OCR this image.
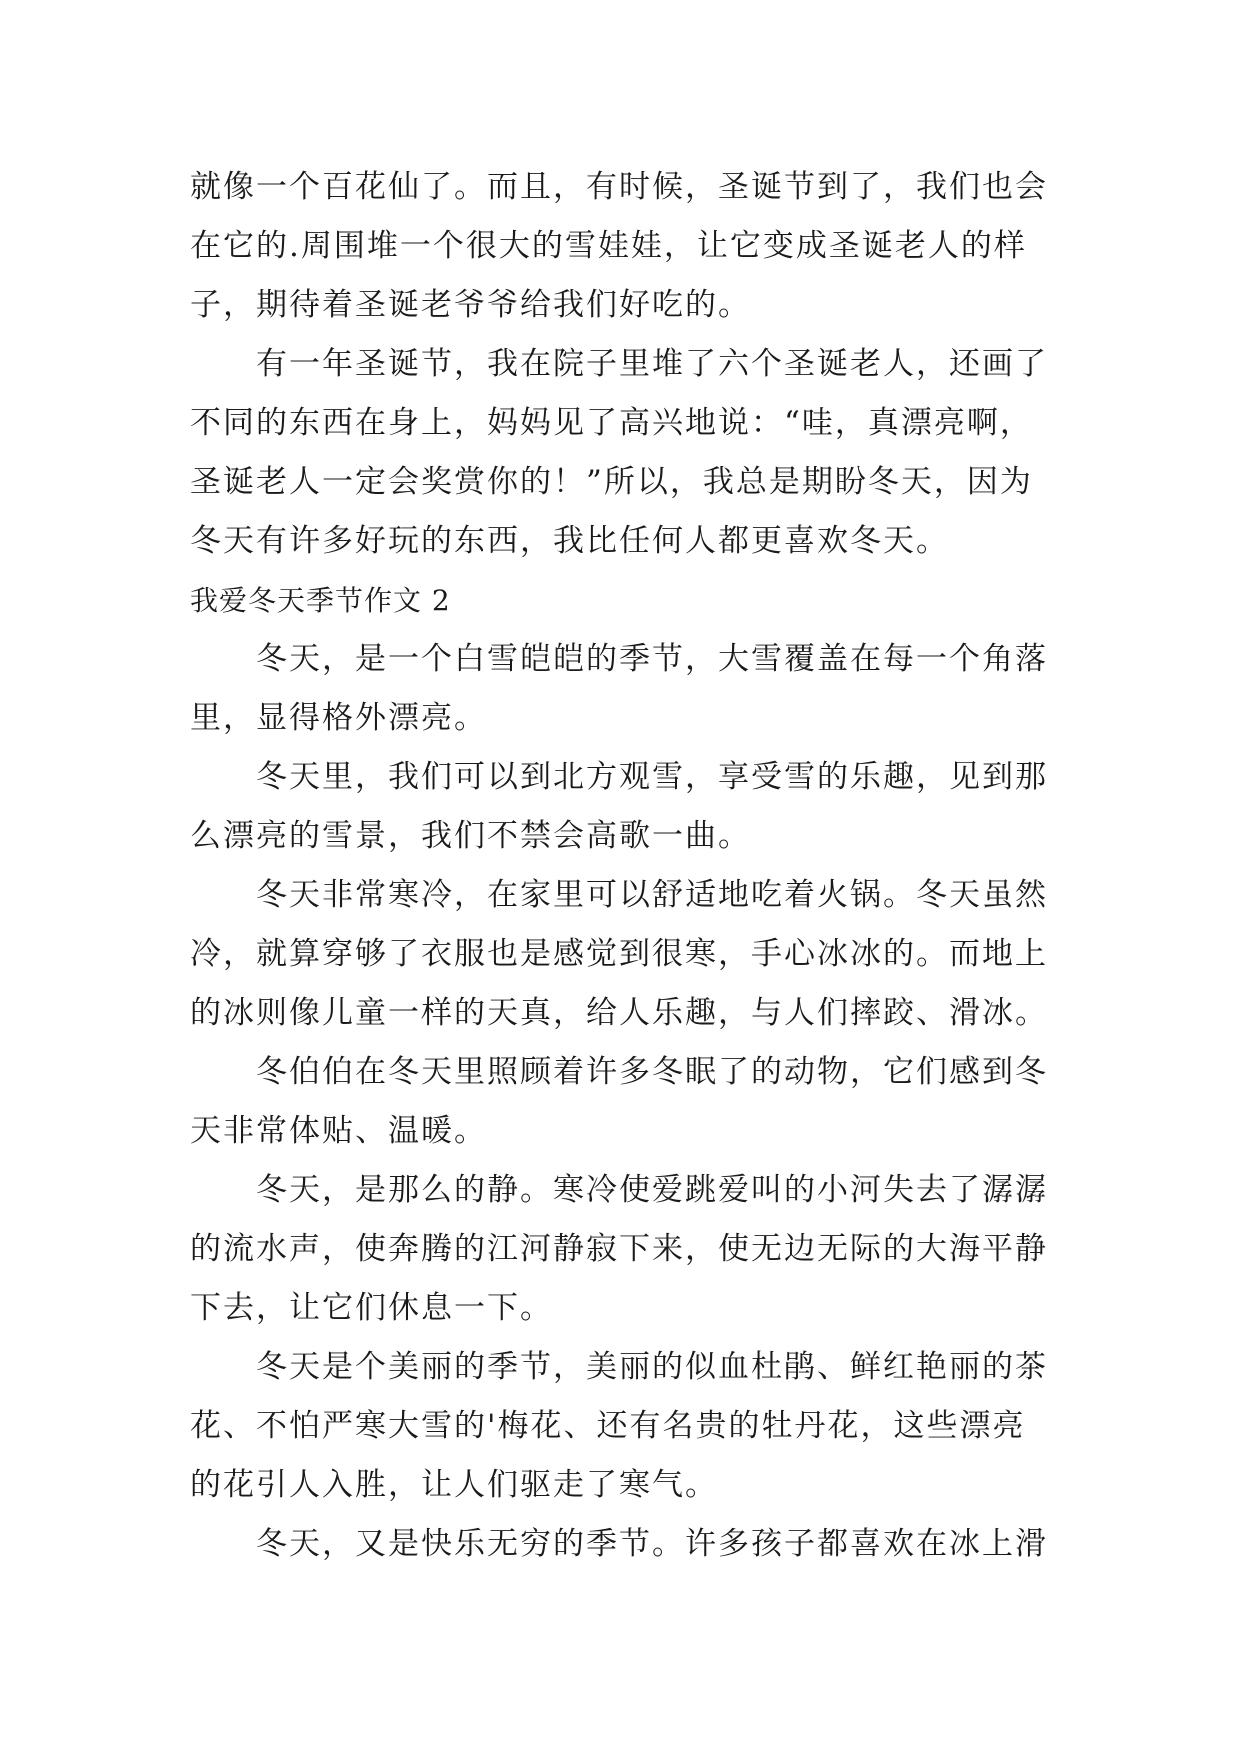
就像一个百花仙了。而且，有时候，圣诞节到了，我们也会
在它的.周围堆一个很大的雪娃娃，让它变成圣诞老人的样
子，期待着圣诞老爷爷给我们好吃的。
有一年圣诞节，我在院子里堆了六个圣诞老人，还画了
不同的东西在身上，妈妈见了高兴地说：“哇，真漂亮啊，
圣诞老人一定会奖赏你的！”所以，我总是期盼冬天，因为
冬天有许多好玩的东西，我比任何人都更喜欢冬天。
我爱冬天季节作文 2
冬天，是一个白雪皑皑的季节，大雪覆盖在每一个角落
里，显得格外漂亮。
冬天里，我们可以到北方观雪，享受雪的乐趣，见到那
么漂亮的雪景，我们不禁会高歌一曲。
冬天非常寒冷，在家里可以舒适地吃着火锅。冬天虽然
冷，就算穿够了衣服也是感觉到很寒，手心冰冰的。而地上
的冰则像儿童一样的天真，给人乐趣，与人们摔跤、滑冰。
冬伯伯在冬天里照顾着许多冬眠了的动物，它们感到冬
天非常体贴、温暖。
冬天，是那么的静。寒冷使爱跳爱叫的小河失去了潺潺
的流水声，使奔腾的江河静寂下来，使无边无际的大海平静
下去，让它们休息一下。
冬天是个美丽的季节，美丽的似血杜鹃、鲜红艳丽的茶
花、不怕严寒大雪的'梅花、还有名贵的牡丹花，这些漂亮
的花引人入胜，让人们驱走了寒气。
冬天，又是快乐无穷的季节。许多孩子都喜欢在冰上滑
